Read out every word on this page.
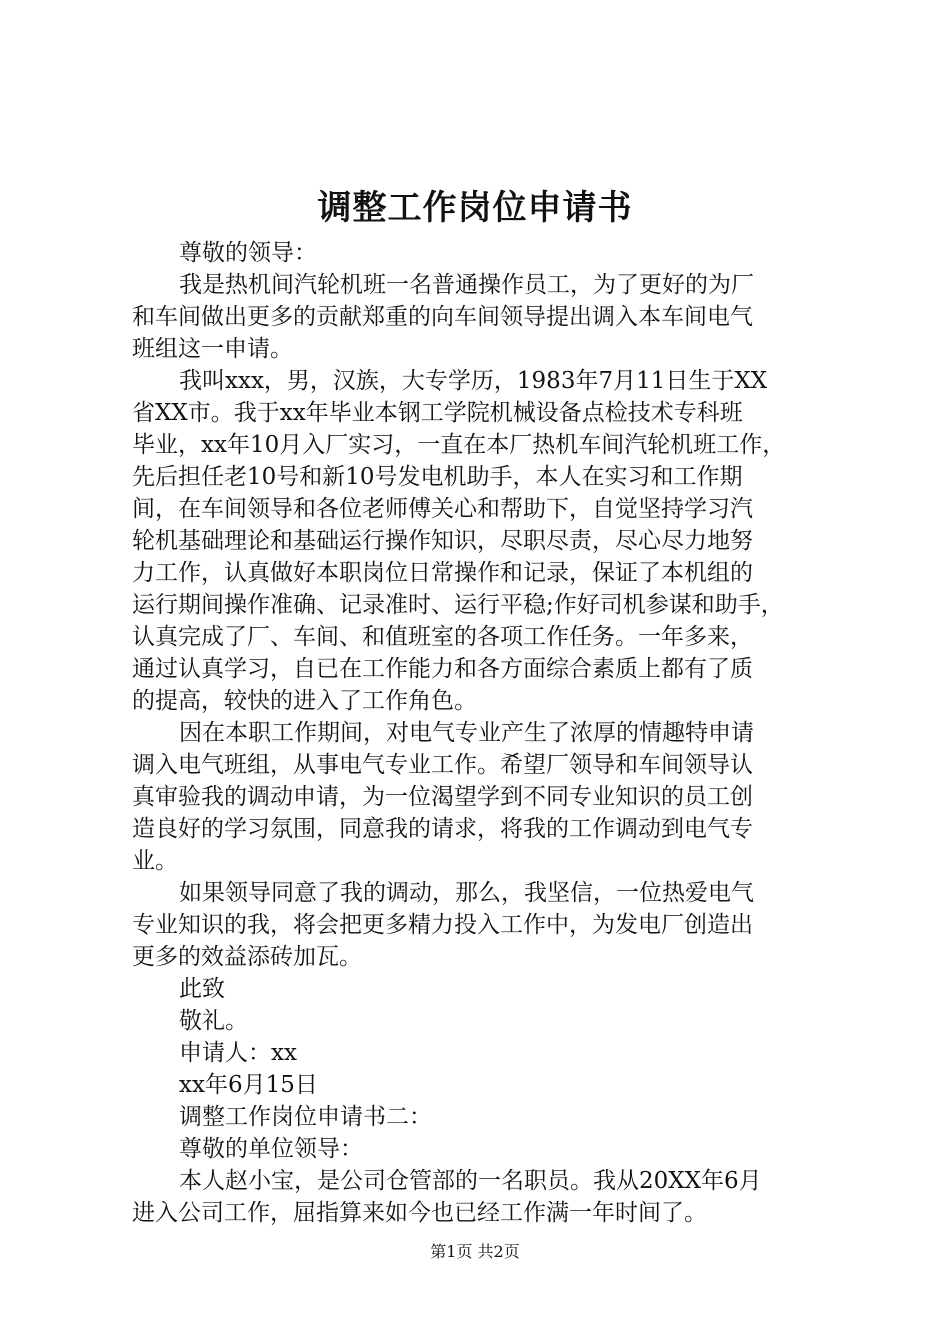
调整工作岗位申请书
尊敬的领导：
我是热机间汽轮机班一名普通操作员工，为了更好的为厂
和车间做出更多的贡献郑重的向车间领导提出调入本车间电气
班组这一申请。
我叫xxx，男，汉族，大专学历，1983年7月11日生于XX
省XX市。我于xx年毕业本钢工学院机械设备点检技术专科班
毕业，xx年10月入厂实习，一直在本厂热机车间汽轮机班工作，
先后担任老10号和新10号发电机助手，本人在实习和工作期
间，在车间领导和各位老师傅关心和帮助下，自觉坚持学习汽
轮机基础理论和基础运行操作知识，尽职尽责，尽心尽力地努
力工作，认真做好本职岗位日常操作和记录，保证了本机组的
运行期间操作准确、记录准时、运行平稳;作好司机参谋和助手，
认真完成了厂、车间、和值班室的各项工作任务。一年多来，
通过认真学习，自已在工作能力和各方面综合素质上都有了质
的提高，较快的进入了工作角色。
因在本职工作期间，对电气专业产生了浓厚的情趣特申请
调入电气班组，从事电气专业工作。希望厂领导和车间领导认
真审验我的调动申请，为一位渴望学到不同专业知识的员工创
造良好的学习氛围，同意我的请求，将我的工作调动到电气专
业。
如果领导同意了我的调动，那么，我坚信，一位热爱电气
专业知识的我，将会把更多精力投入工作中，为发电厂创造出
更多的效益添砖加瓦。
此致
敬礼。
申请人：xx
xx年6月15日
调整工作岗位申请书二：
尊敬的单位领导：
本人赵小宝，是公司仓管部的一名职员。我从20XX年6月
进入公司工作，屈指算来如今也已经工作满一年时间了。
第1页 共2页
